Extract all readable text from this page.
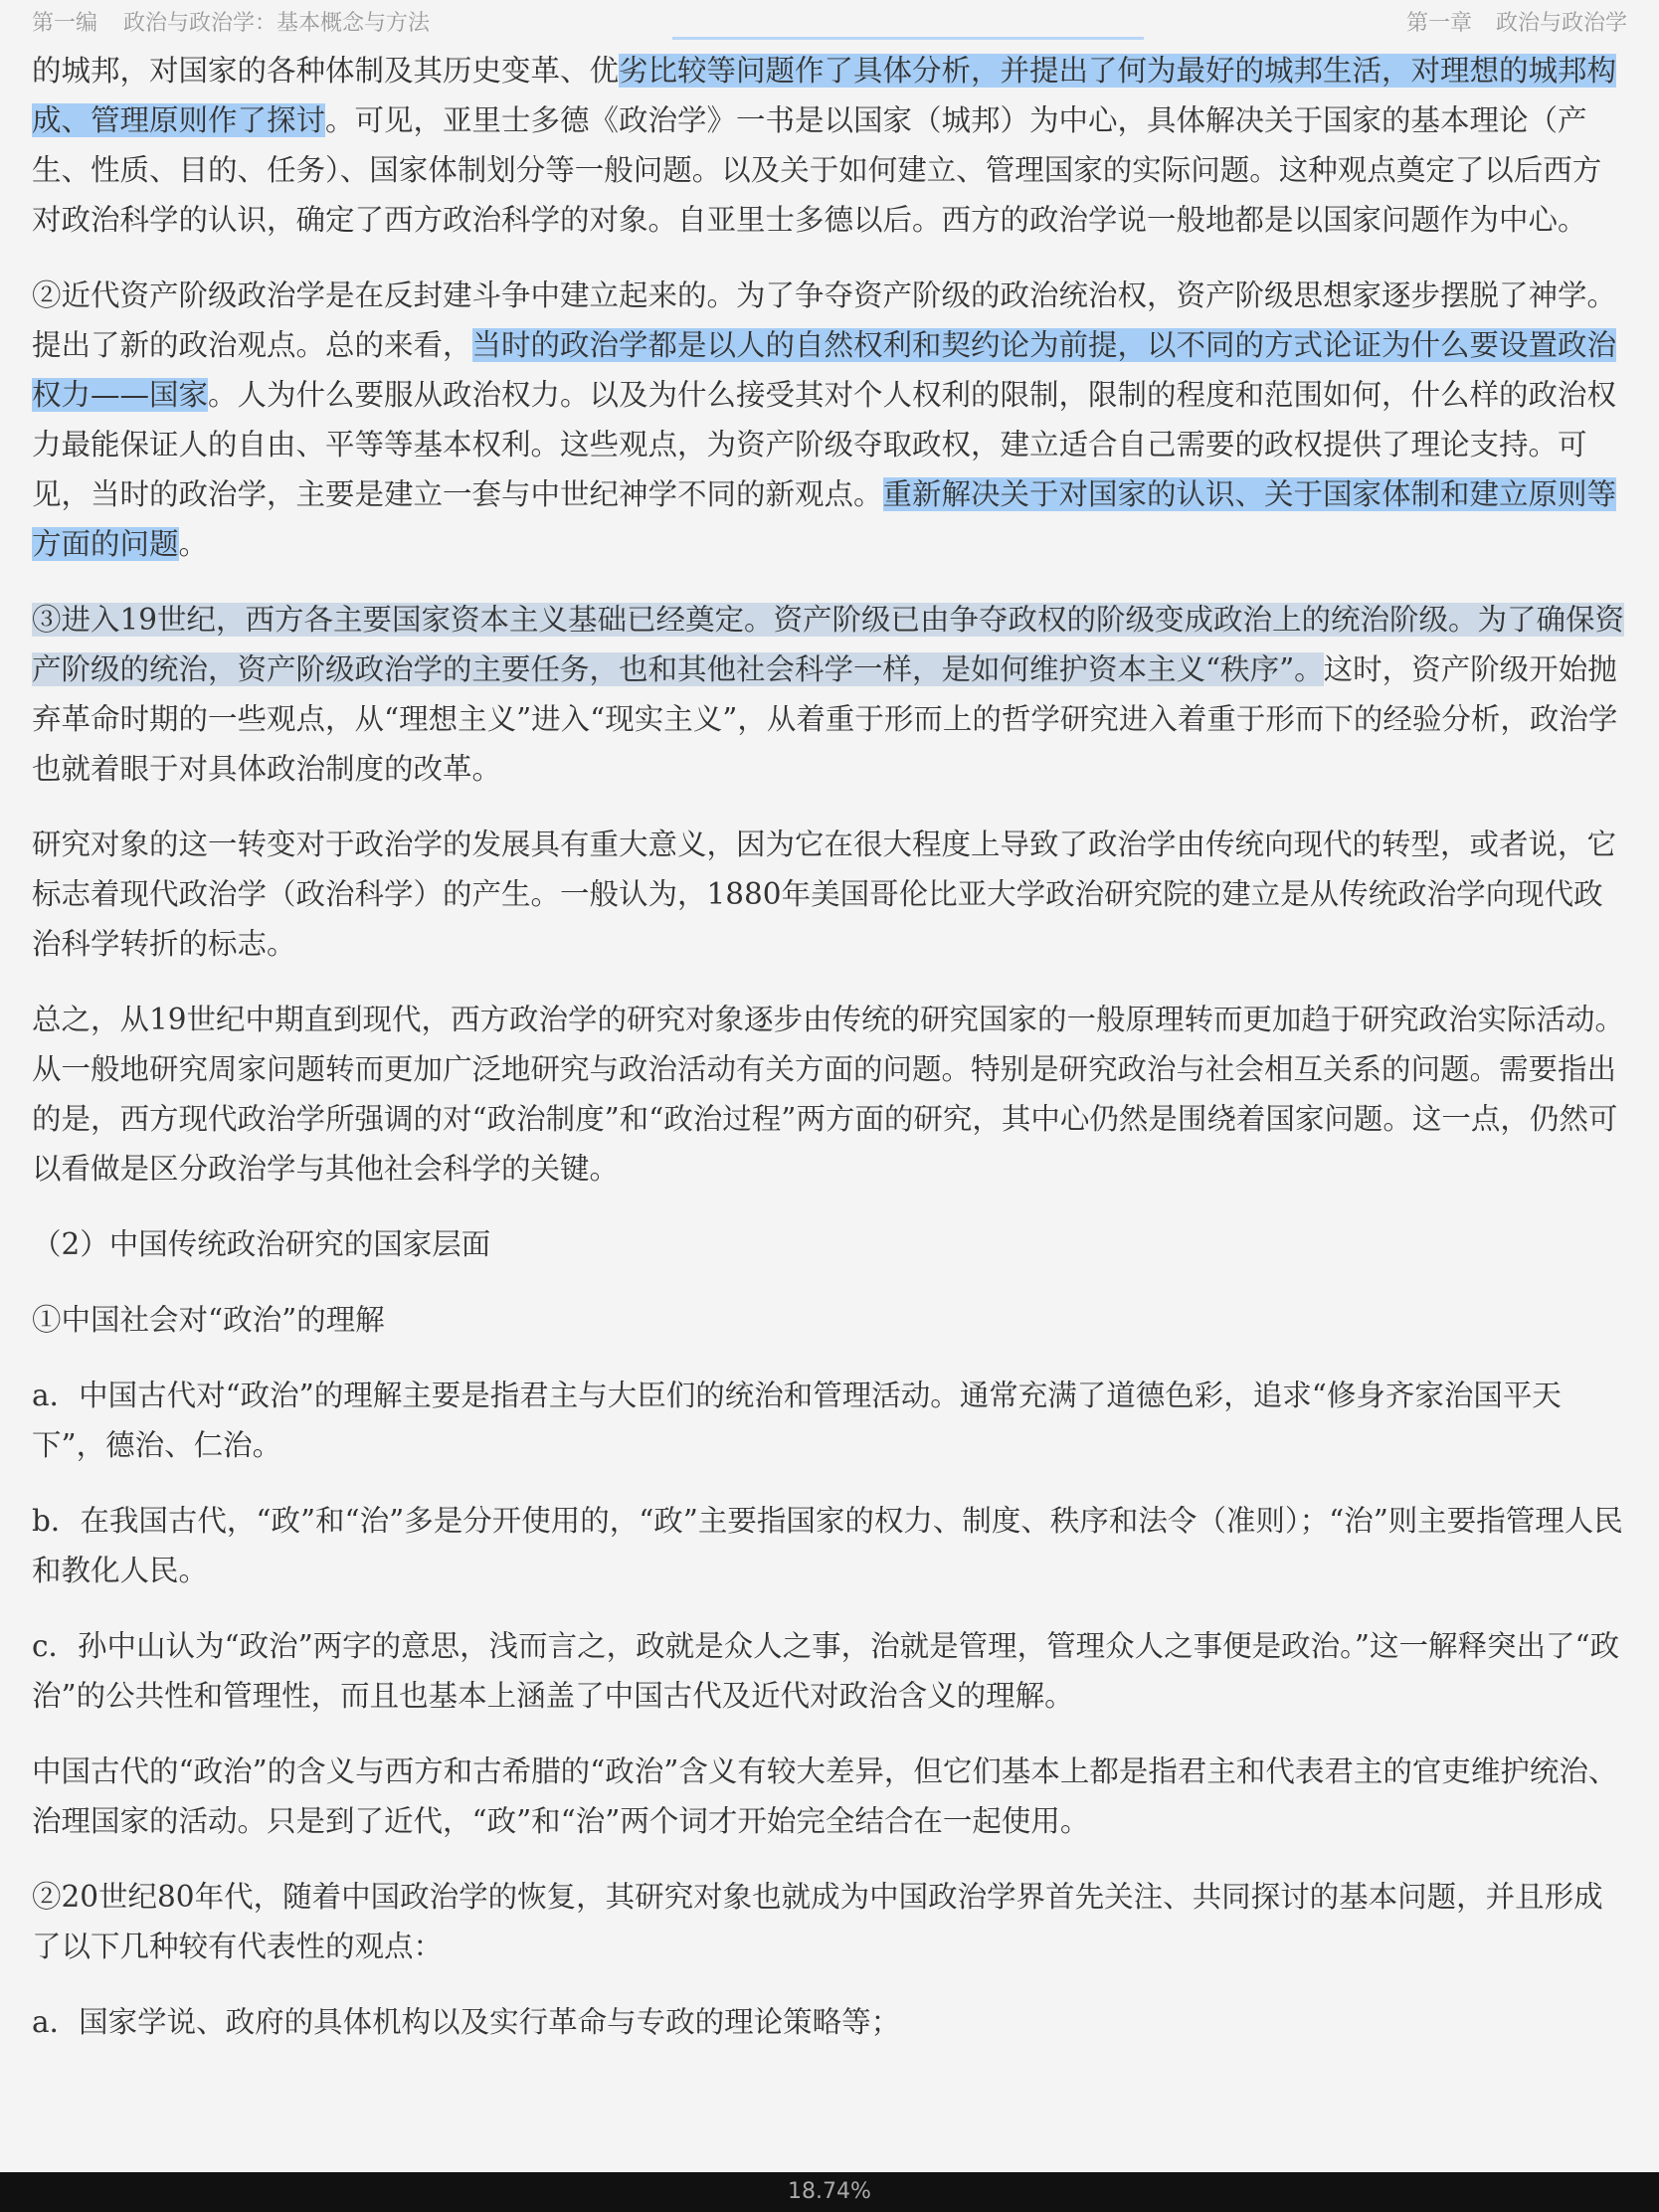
第一编 政治与政治学：基本概念与方法	第一章 政治与政治学

的城邦，对国家的各种体制及其历史变革、优劣比较等问题作了具体分析，并提出了何为最好的城邦生活，对理想的城邦构成、管理原则作了探讨。可见，亚里士多德《政治学》一书是以国家（城邦）为中心，具体解决关于国家的基本理论（产生、性质、目的、任务）、国家体制划分等一般问题。以及关于如何建立、管理国家的实际问题。这种观点奠定了以后西方对政治科学的认识，确定了西方政治科学的对象。自亚里士多德以后。西方的政治学说一般地都是以国家问题作为中心。

②近代资产阶级政治学是在反封建斗争中建立起来的。为了争夺资产阶级的政治统治权，资产阶级思想家逐步摆脱了神学。提出了新的政治观点。总的来看，当时的政治学都是以人的自然权利和契约论为前提，以不同的方式论证为什么要设置政治权力——国家。人为什么要服从政治权力。以及为什么接受其对个人权利的限制，限制的程度和范围如何，什么样的政治权力最能保证人的自由、平等等基本权利。这些观点，为资产阶级夺取政权，建立适合自己需要的政权提供了理论支持。可见，当时的政治学，主要是建立一套与中世纪神学不同的新观点。重新解决关于对国家的认识、关于国家体制和建立原则等方面的问题。

③进入19世纪，西方各主要国家资本主义基础已经奠定。资产阶级已由争夺政权的阶级变成政治上的统治阶级。为了确保资产阶级的统治，资产阶级政治学的主要任务，也和其他社会科学一样，是如何维护资本主义“秩序”。这时，资产阶级开始抛弃革命时期的一些观点，从“理想主义”进入“现实主义”，从着重于形而上的哲学研究进入着重于形而下的经验分析，政治学也就着眼于对具体政治制度的改革。

研究对象的这一转变对于政治学的发展具有重大意义，因为它在很大程度上导致了政治学由传统向现代的转型，或者说，它标志着现代政治学（政治科学）的产生。一般认为，1880年美国哥伦比亚大学政治研究院的建立是从传统政治学向现代政治科学转折的标志。

总之，从19世纪中期直到现代，西方政治学的研究对象逐步由传统的研究国家的一般原理转而更加趋于研究政治实际活动。从一般地研究周家问题转而更加广泛地研究与政治活动有关方面的问题。特别是研究政治与社会相互关系的问题。需要指出的是，西方现代政治学所强调的对“政治制度”和“政治过程”两方面的研究，其中心仍然是围绕着国家问题。这一点，仍然可以看做是区分政治学与其他社会科学的关键。

（2）中国传统政治研究的国家层面

①中国社会对“政治”的理解

a．中国古代对“政治”的理解主要是指君主与大臣们的统治和管理活动。通常充满了道德色彩，追求“修身齐家治国平天下”，德治、仁治。

b．在我国古代，“政”和“治”多是分开使用的，“政”主要指国家的权力、制度、秩序和法令（准则）；“治”则主要指管理人民和教化人民。

c．孙中山认为“政治”两字的意思，浅而言之，政就是众人之事，治就是管理，管理众人之事便是政治。”这一解释突出了“政治”的公共性和管理性，而且也基本上涵盖了中国古代及近代对政治含义的理解。

中国古代的“政治”的含义与西方和古希腊的“政治”含义有较大差异，但它们基本上都是指君主和代表君主的官吏维护统治、治理国家的活动。只是到了近代，“政”和“治”两个词才开始完全结合在一起使用。

②20世纪80年代，随着中国政治学的恢复，其研究对象也就成为中国政治学界首先关注、共同探讨的基本问题，并且形成了以下几种较有代表性的观点：

a．国家学说、政府的具体机构以及实行革命与专政的理论策略等；

18.74%
